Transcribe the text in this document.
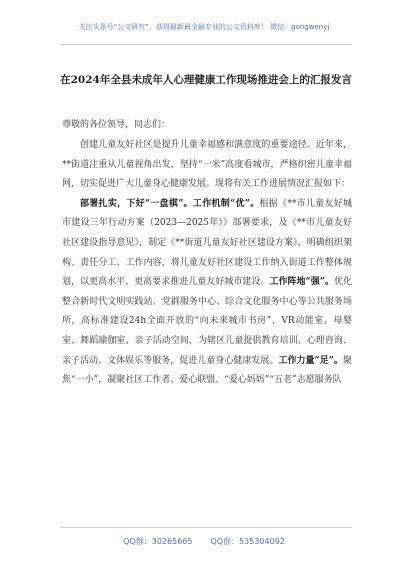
关注头条号“公文研究”，获得最新最全最专业的公文资料库！ 微信：gongwenyj
在2024年全县未成年人心理健康工作现场推进会上的汇报发言
尊敬的各位领导，同志们：

创建儿童友好社区是提升儿童幸福感和满意度的重要途径。近年来，**街道注重从儿童视角出发，坚持“一米”高度看城市，严格织密儿童幸福网，切实促进广大儿童身心健康发展。现将有关工作进展情况汇报如下：

部署扎实，下好“一盘棋”。工作机制“优”。根据《**市儿童友好城市建设三年行动方案（2023—2025年）》部署要求，及《**市儿童友好社区建设指导意见》，制定《**街道儿童友好社区建设方案》，明确组织架构、责任分工、工作内容，将儿童友好社区建设工作纳入街道工作整体规划，以更高水平、更高要求推进儿童友好城市建设。工作阵地“强”。优化整合新时代文明实践站、党群服务中心、综合文化服务中心等公共服务场所，高标准建设24h全面开放的“向未来城市书房”、VR动能室、母婴室、舞蹈瑜伽室、亲子活动空间，为辖区儿童提供教育培训、心理咨询、亲子活动、文体娱乐等服务，促进儿童身心健康发展。工作力量“足”。聚焦“一小”，凝聚社区工作者、爱心联盟、“爱心妈妈”“五老”志愿服务队

QQ群：30265665 QQ群：535304092
